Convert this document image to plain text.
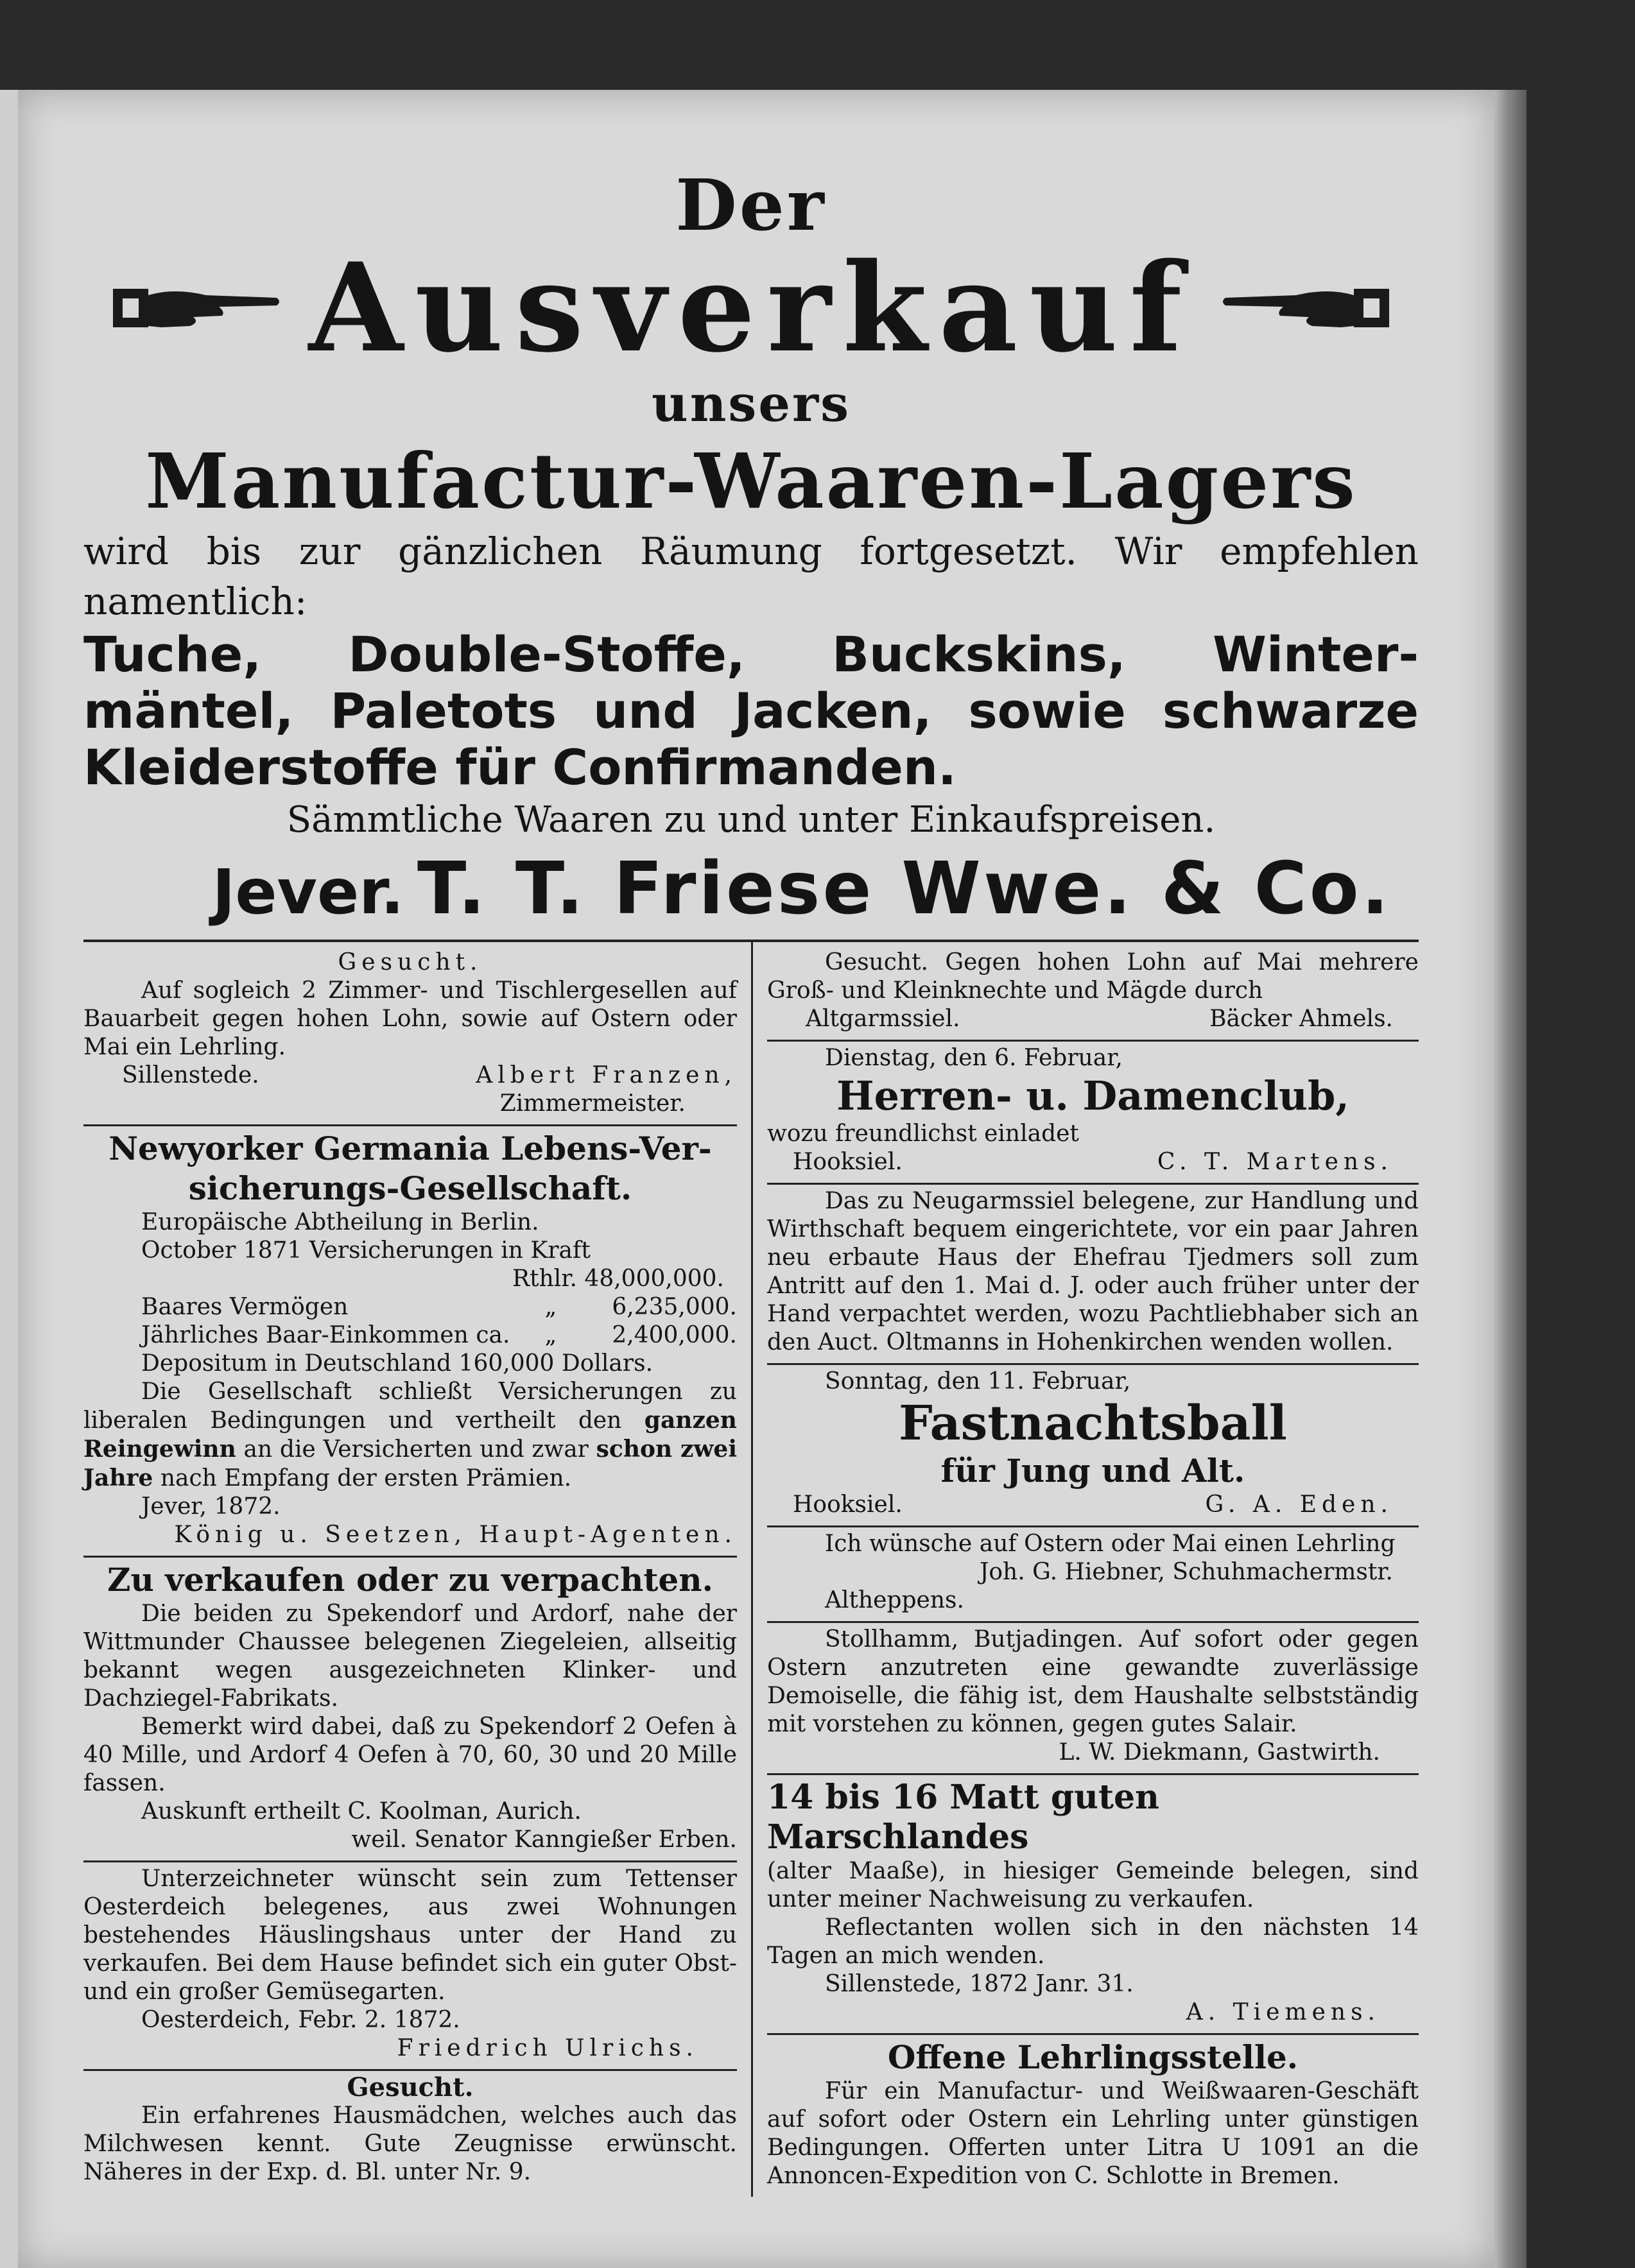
Der
Ausverkauf
unsers
Manufactur-Waaren-Lagers
wird bis zur gänzlichen Räumung fortgesetzt. Wir empfehlen namentlich:
Tuche, Double-Stoffe, Buckskins, Winter-
mäntel, Paletots und Jacken, sowie schwarze
Kleiderstoffe für Confirmanden.
Sämmtliche Waaren zu und unter Einkaufspreisen.
Jever. T. T. Friese Wwe. & Co.
Gesucht.
Auf sogleich 2 Zimmer- und Tischlergesellen auf Bauarbeit gegen hohen Lohn, sowie auf Ostern oder Mai ein Lehrling.
Sillenstede.	Albert Franzen,
Zimmermeister.
Newyorker Germania Lebens-Ver-
sicherungs-Gesellschaft.
Europäische Abtheilung in Berlin.
October 1871 Versicherungen in Kraft
Rthlr. 48,000,000.
Baares Vermögen	„	6,235,000.
Jährliches Baar-Einkommen ca.	„	2,400,000.
Depositum in Deutschland 160,000 Dollars.
Die Gesellschaft schließt Versicherungen zu liberalen Bedingungen und vertheilt den ganzen Reingewinn an die Versicherten und zwar schon zwei Jahre nach Empfang der ersten Prämien.
Jever, 1872.
König u. Seetzen, Haupt-Agenten.
Zu verkaufen oder zu verpachten.
Die beiden zu Spekendorf und Ardorf, nahe der Wittmunder Chaussee belegenen Ziegeleien, allseitig bekannt wegen ausgezeichneten Klinker- und Dachziegel-Fabrikats.
Bemerkt wird dabei, daß zu Spekendorf 2 Oefen à 40 Mille, und Ardorf 4 Oefen à 70, 60, 30 und 20 Mille fassen.
Auskunft ertheilt C. Koolman, Aurich.
weil. Senator Kanngießer Erben.
Unterzeichneter wünscht sein zum Tettenser Oesterdeich belegenes, aus zwei Wohnungen bestehendes Häuslingshaus unter der Hand zu verkaufen. Bei dem Hause befindet sich ein guter Obst- und ein großer Gemüsegarten.
Oesterdeich, Febr. 2. 1872.
Friedrich Ulrichs.
Gesucht.
Ein erfahrenes Hausmädchen, welches auch das Milchwesen kennt. Gute Zeugnisse erwünscht. Näheres in der Exp. d. Bl. unter Nr. 9.
Gesucht. Gegen hohen Lohn auf Mai mehrere Groß- und Kleinknechte und Mägde durch
Altgarmssiel.	Bäcker Ahmels.
Dienstag, den 6. Februar,
Herren- u. Damenclub,
wozu freundlichst einladet
Hooksiel.	C. T. Martens.
Das zu Neugarmssiel belegene, zur Handlung und Wirthschaft bequem eingerichtete, vor ein paar Jahren neu erbaute Haus der Ehefrau Tjedmers soll zum Antritt auf den 1. Mai d. J. oder auch früher unter der Hand verpachtet werden, wozu Pachtliebhaber sich an den Auct. Oltmanns in Hohenkirchen wenden wollen.
Sonntag, den 11. Februar,
Fastnachtsball
für Jung und Alt.
Hooksiel.	G. A. Eden.
Ich wünsche auf Ostern oder Mai einen Lehrling
Joh. G. Hiebner, Schuhmachermstr.
Altheppens.
Stollhamm, Butjadingen. Auf sofort oder gegen Ostern anzutreten eine gewandte zuverlässige Demoiselle, die fähig ist, dem Haushalte selbstständig mit vorstehen zu können, gegen gutes Salair.
L. W. Diekmann, Gastwirth.
14 bis 16 Matt guten Marschlandes
(alter Maaße), in hiesiger Gemeinde belegen, sind unter meiner Nachweisung zu verkaufen.
Reflectanten wollen sich in den nächsten 14 Tagen an mich wenden.
Sillenstede, 1872 Janr. 31.
A. Tiemens.
Offene Lehrlingsstelle.
Für ein Manufactur- und Weißwaaren-Geschäft auf sofort oder Ostern ein Lehrling unter günstigen Bedingungen. Offerten unter Litra U 1091 an die Annoncen-Expedition von C. Schlotte in Bremen.
